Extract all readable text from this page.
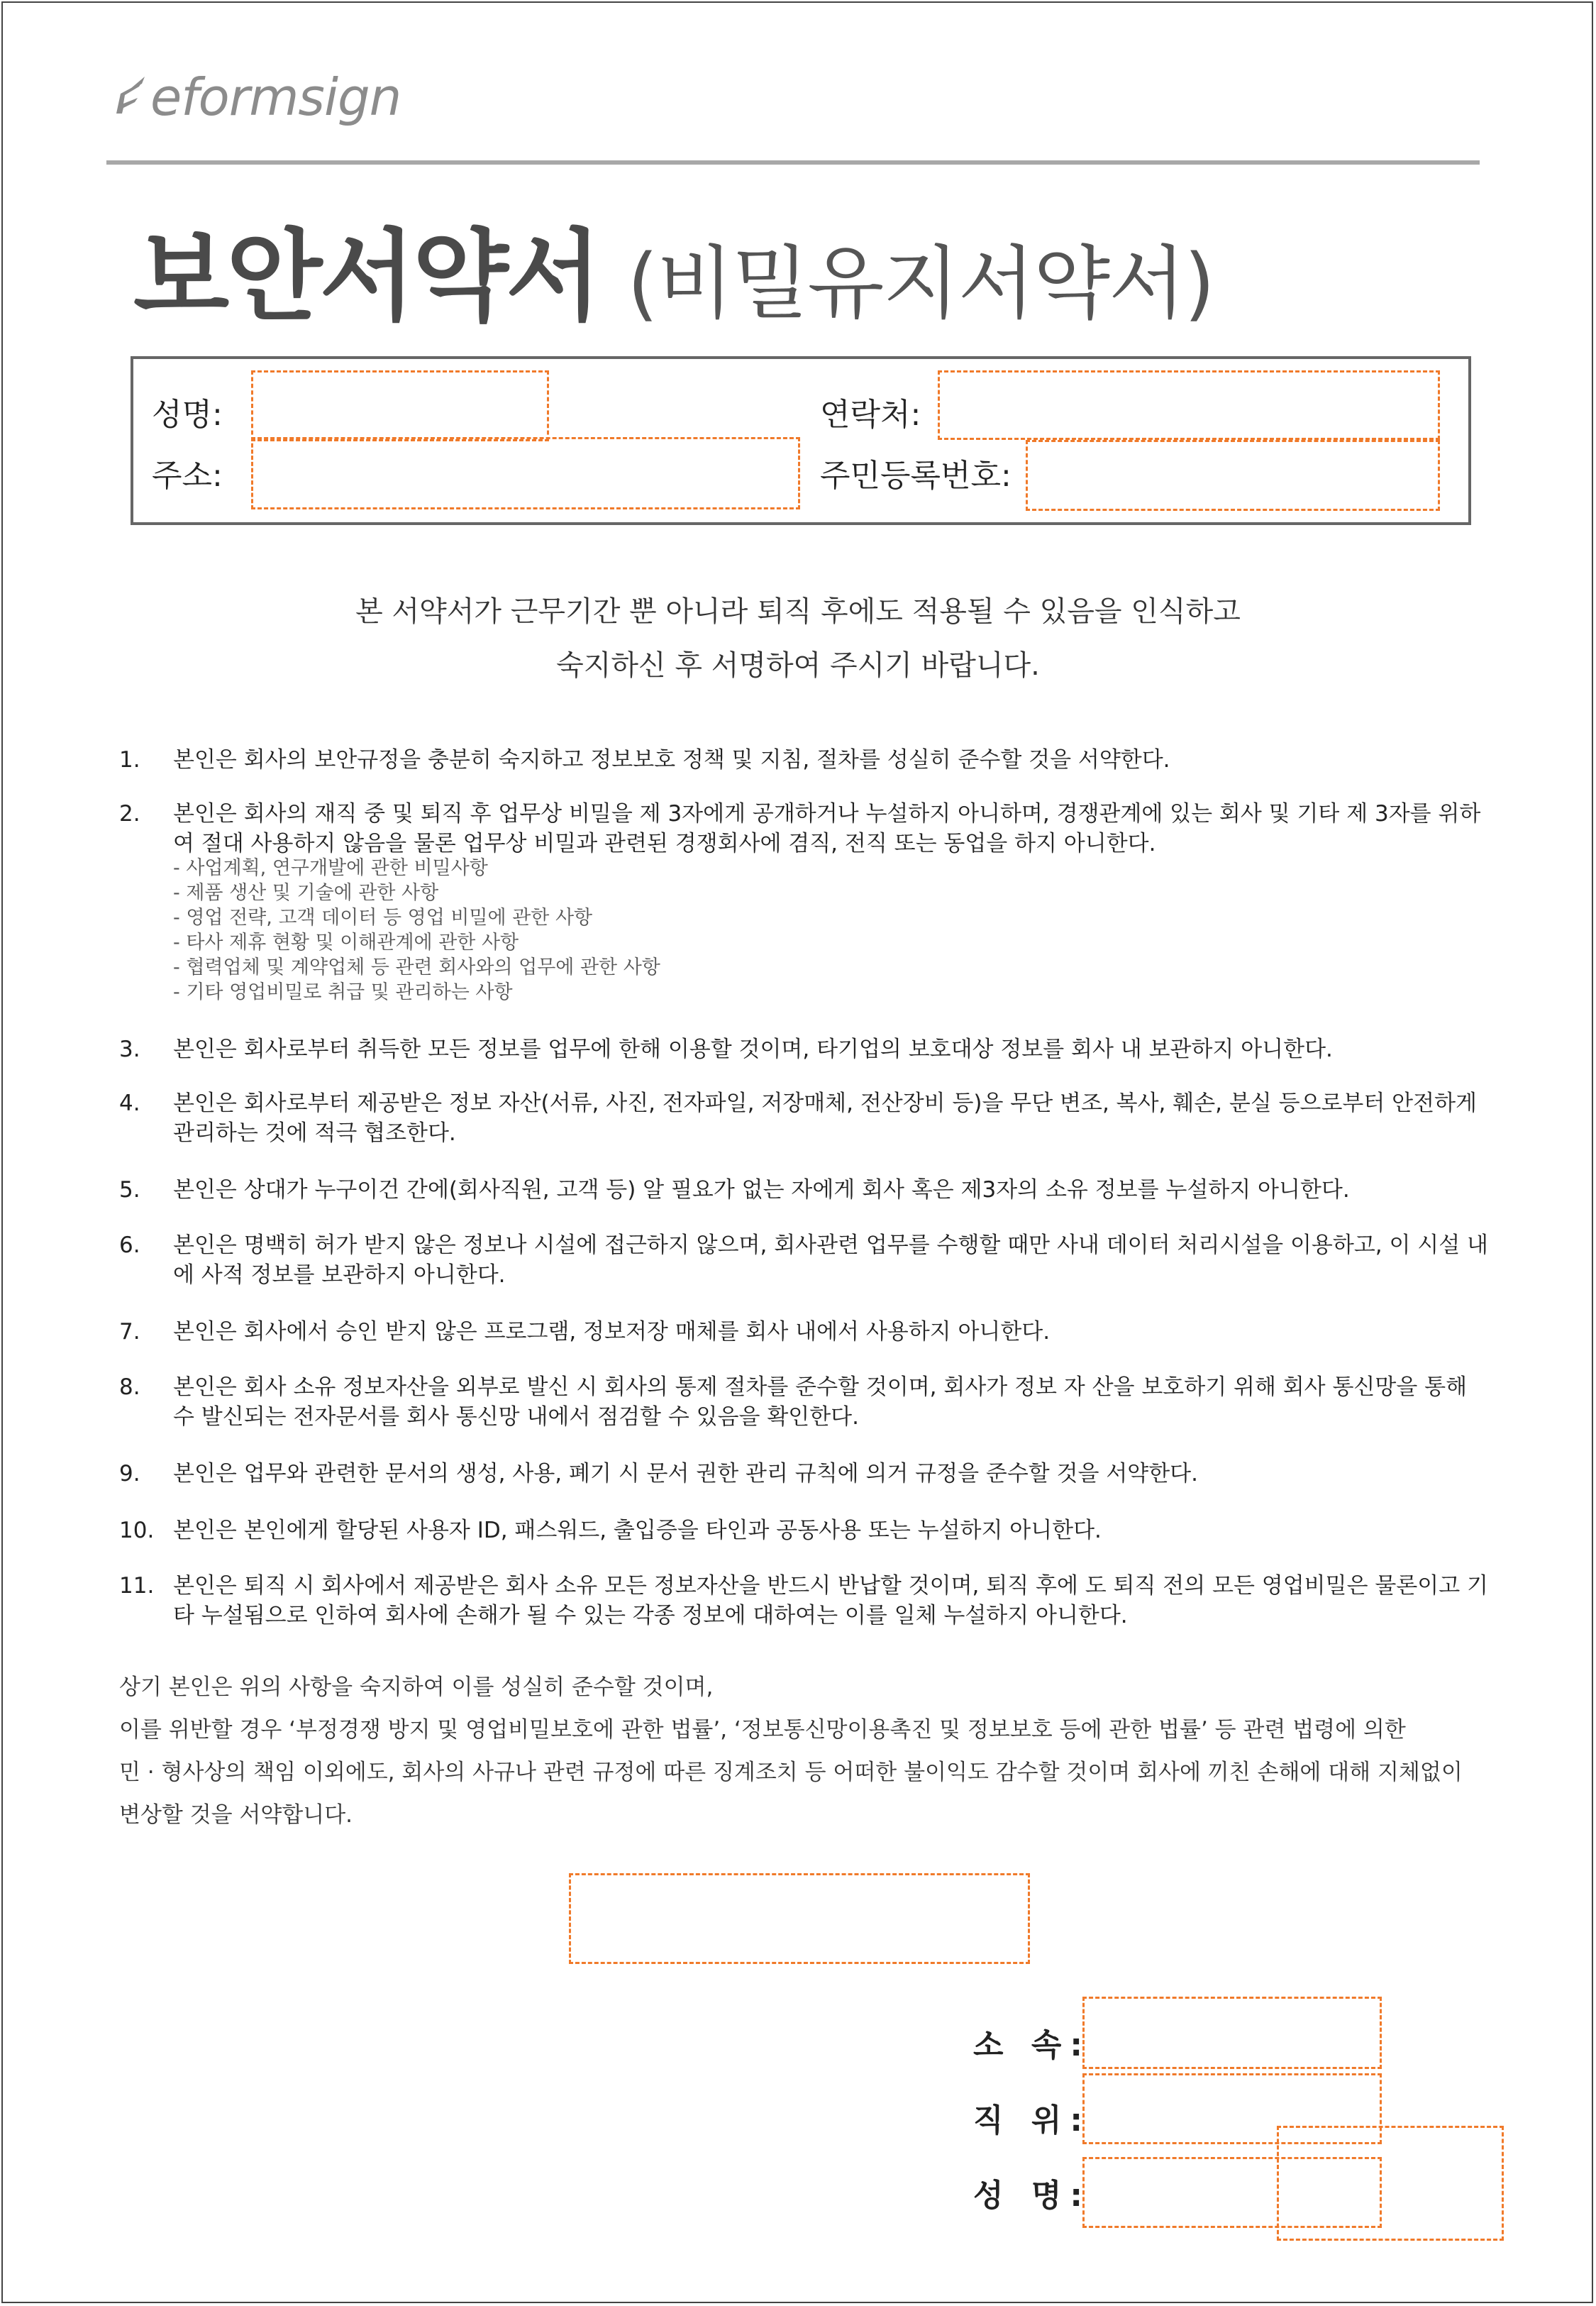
eformsign
보안서약서 (비밀유지서약서)
성명:	연락처:
주소:	주민등록번호:
본 서약서가 근무기간 뿐 아니라 퇴직 후에도 적용될 수 있음을 인식하고
숙지하신 후 서명하여 주시기 바랍니다.
1. 본인은 회사의 보안규정을 충분히 숙지하고 정보보호 정책 및 지침, 절차를 성실히 준수할 것을 서약한다.
2. 본인은 회사의 재직 중 및 퇴직 후 업무상 비밀을 제 3자에게 공개하거나 누설하지 아니하며, 경쟁관계에 있는 회사 및 기타 제 3자를 위하여 절대 사용하지 않음을 물론 업무상 비밀과 관련된 경쟁회사에 겸직, 전직 또는 동업을 하지 아니한다.
- 사업계획, 연구개발에 관한 비밀사항
- 제품 생산 및 기술에 관한 사항
- 영업 전략, 고객 데이터 등 영업 비밀에 관한 사항
- 타사 제휴 현황 및 이해관계에 관한 사항
- 협력업체 및 계약업체 등 관련 회사와의 업무에 관한 사항
- 기타 영업비밀로 취급 및 관리하는 사항
3. 본인은 회사로부터 취득한 모든 정보를 업무에 한해 이용할 것이며, 타기업의 보호대상 정보를 회사 내 보관하지 아니한다.
4. 본인은 회사로부터 제공받은 정보 자산(서류, 사진, 전자파일, 저장매체, 전산장비 등)을 무단 변조, 복사, 훼손, 분실 등으로부터 안전하게 관리하는 것에 적극 협조한다.
5. 본인은 상대가 누구이건 간에(회사직원, 고객 등) 알 필요가 없는 자에게 회사 혹은 제3자의 소유 정보를 누설하지 아니한다.
6. 본인은 명백히 허가 받지 않은 정보나 시설에 접근하지 않으며, 회사관련 업무를 수행할 때만 사내 데이터 처리시설을 이용하고, 이 시설 내에 사적 정보를 보관하지 아니한다.
7. 본인은 회사에서 승인 받지 않은 프로그램, 정보저장 매체를 회사 내에서 사용하지 아니한다.
8. 본인은 회사 소유 정보자산을 외부로 발신 시 회사의 통제 절차를 준수할 것이며, 회사가 정보 자 산을 보호하기 위해 회사 통신망을 통해 수 발신되는 전자문서를 회사 통신망 내에서 점검할 수 있음을 확인한다.
9. 본인은 업무와 관련한 문서의 생성, 사용, 폐기 시 문서 권한 관리 규칙에 의거 규정을 준수할 것을 서약한다.
10. 본인은 본인에게 할당된 사용자 ID, 패스워드, 출입증을 타인과 공동사용 또는 누설하지 아니한다.
11. 본인은 퇴직 시 회사에서 제공받은 회사 소유 모든 정보자산을 반드시 반납할 것이며, 퇴직 후에 도 퇴직 전의 모든 영업비밀은 물론이고 기타 누설됨으로 인하여 회사에 손해가 될 수 있는 각종 정보에 대하여는 이를 일체 누설하지 아니한다.
상기 본인은 위의 사항을 숙지하여 이를 성실히 준수할 것이며,
이를 위반할 경우 ‘부정경쟁 방지 및 영업비밀보호에 관한 법률’, ‘정보통신망이용촉진 및 정보보호 등에 관한 법률’ 등 관련 법령에 의한
민 · 형사상의 책임 이외에도, 회사의 사규나 관련 규정에 따른 징계조치 등 어떠한 불이익도 감수할 것이며 회사에 끼친 손해에 대해 지체없이
변상할 것을 서약합니다.
소 속:
직 위:
성 명:
